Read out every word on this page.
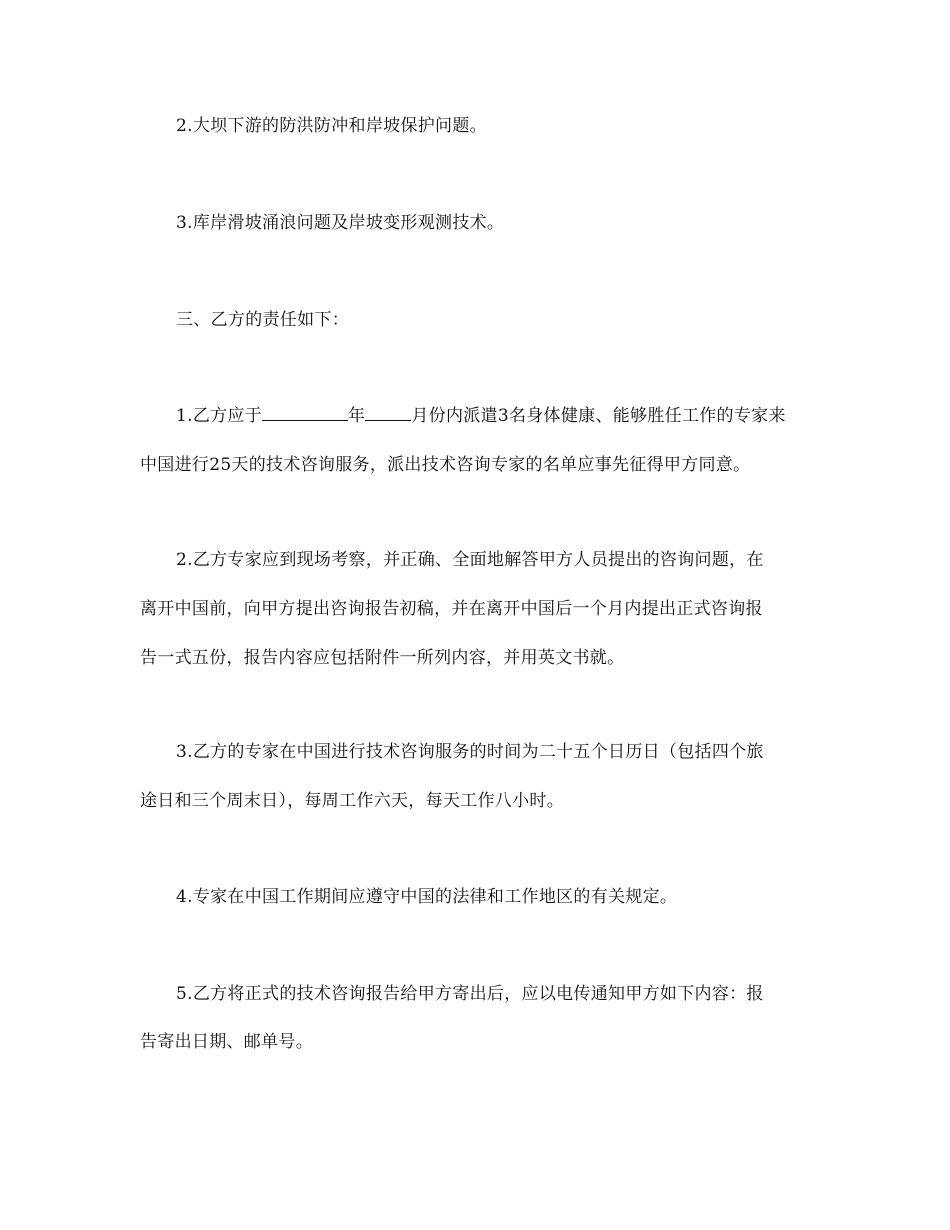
2.大坝下游的防洪防冲和岸坡保护问题。
3.库岸滑坡涌浪问题及岸坡变形观测技术。
三、乙方的责任如下：
1.乙方应于	年	月份内派遣3名身体健康、能够胜任工作的专家来
中国进行25天的技术咨询服务，派出技术咨询专家的名单应事先征得甲方同意。
2.乙方专家应到现场考察，并正确、全面地解答甲方人员提出的咨询问题，在
离开中国前，向甲方提出咨询报告初稿，并在离开中国后一个月内提出正式咨询报
告一式五份，报告内容应包括附件一所列内容，并用英文书就。
3.乙方的专家在中国进行技术咨询服务的时间为二十五个日历日（包括四个旅
途日和三个周末日），每周工作六天，每天工作八小时。
4.专家在中国工作期间应遵守中国的法律和工作地区的有关规定。
5.乙方将正式的技术咨询报告给甲方寄出后，应以电传通知甲方如下内容：报
告寄出日期、邮单号。
